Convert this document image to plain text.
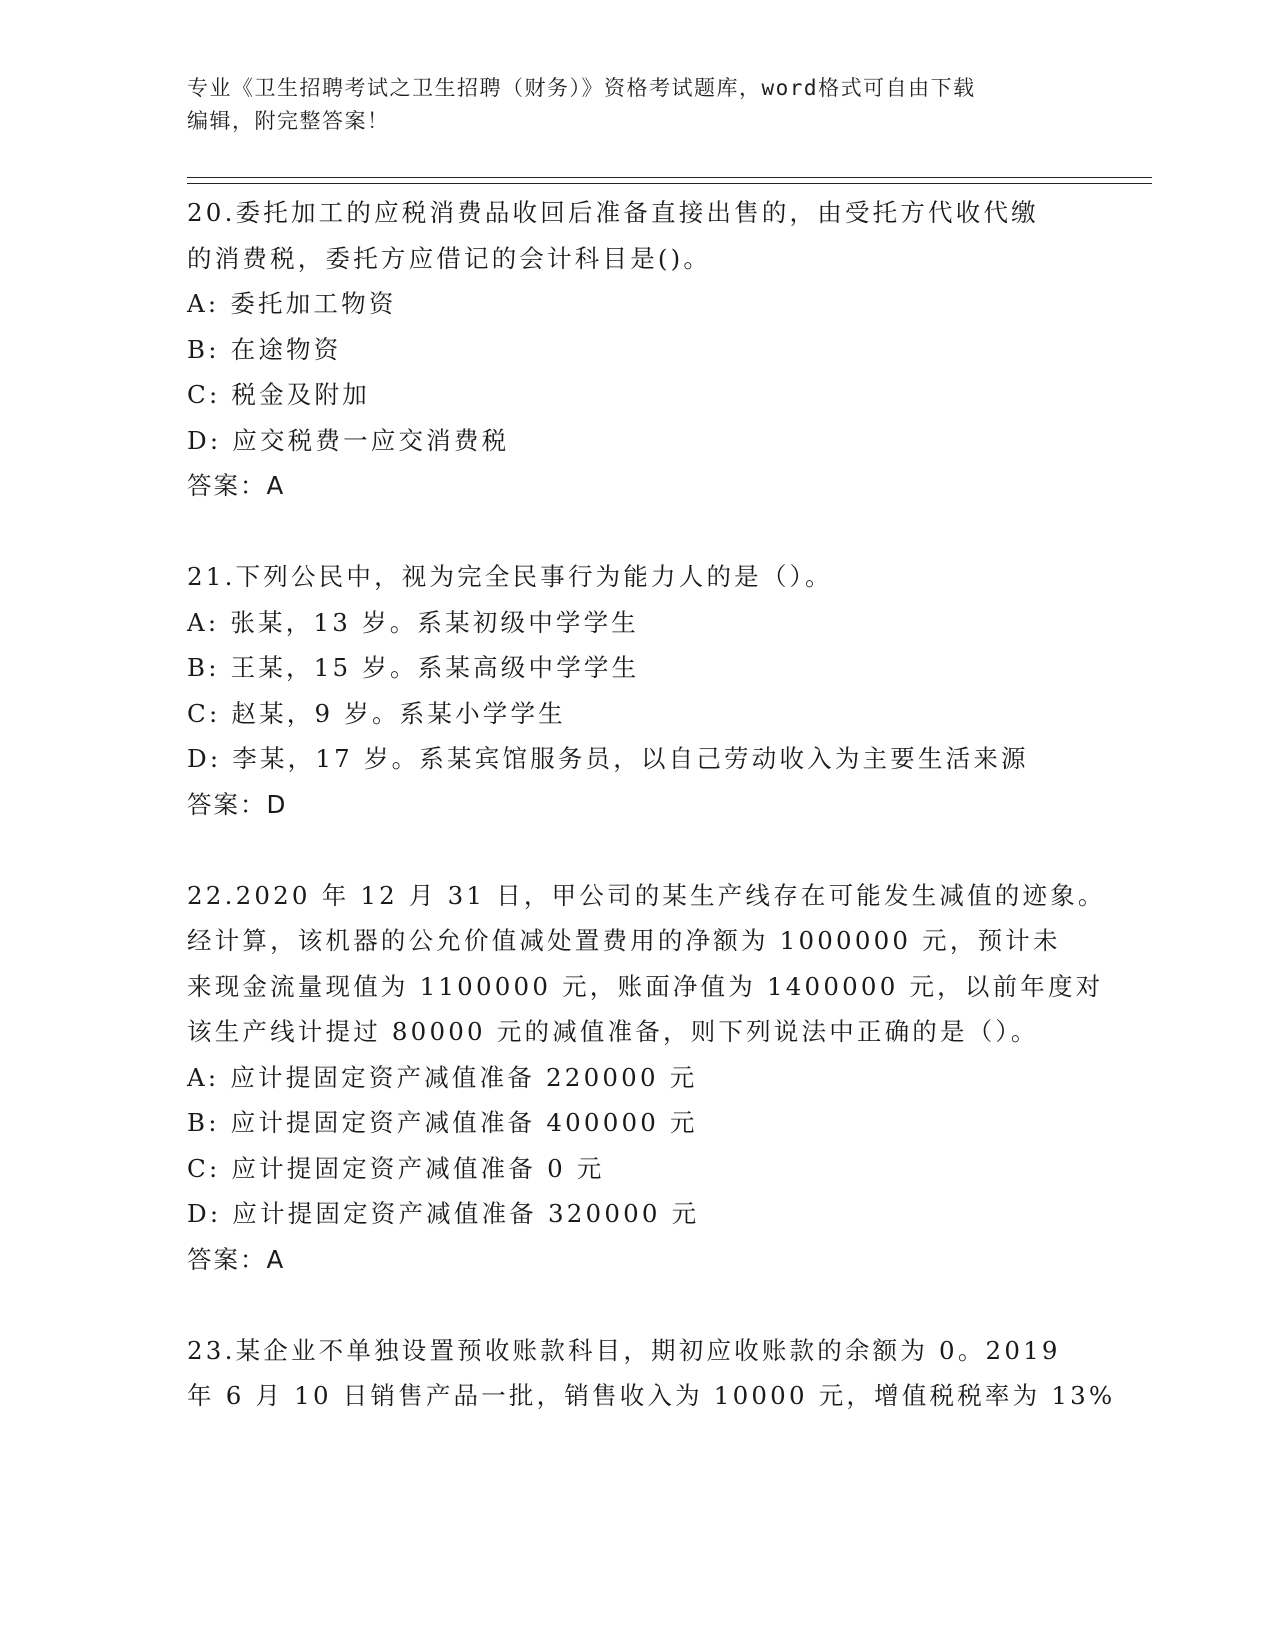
专业《卫生招聘考试之卫生招聘（财务）》资格考试题库，word格式可自由下载
编辑，附完整答案！
20.委托加工的应税消费品收回后准备直接出售的，由受托方代收代缴
的消费税，委托方应借记的会计科目是()。
A: 委托加工物资
B: 在途物资
C: 税金及附加
D: 应交税费一应交消费税
答案：A
21.下列公民中，视为完全民事行为能力人的是（）。
A: 张某，13 岁。系某初级中学学生
B: 王某，15 岁。系某高级中学学生
C: 赵某，9 岁。系某小学学生
D: 李某，17 岁。系某宾馆服务员，以自己劳动收入为主要生活来源
答案：D
22.2020 年 12 月 31 日，甲公司的某生产线存在可能发生减值的迹象。
经计算，该机器的公允价值减处置费用的净额为 1000000 元，预计未
来现金流量现值为 1100000 元，账面净值为 1400000 元，以前年度对
该生产线计提过 80000 元的减值准备，则下列说法中正确的是（）。
A: 应计提固定资产减值准备 220000 元
B: 应计提固定资产减值准备 400000 元
C: 应计提固定资产减值准备 0 元
D: 应计提固定资产减值准备 320000 元
答案：A
23.某企业不单独设置预收账款科目，期初应收账款的余额为 0。2019
年 6 月 10 日销售产品一批，销售收入为 10000 元，增值税税率为 13%
